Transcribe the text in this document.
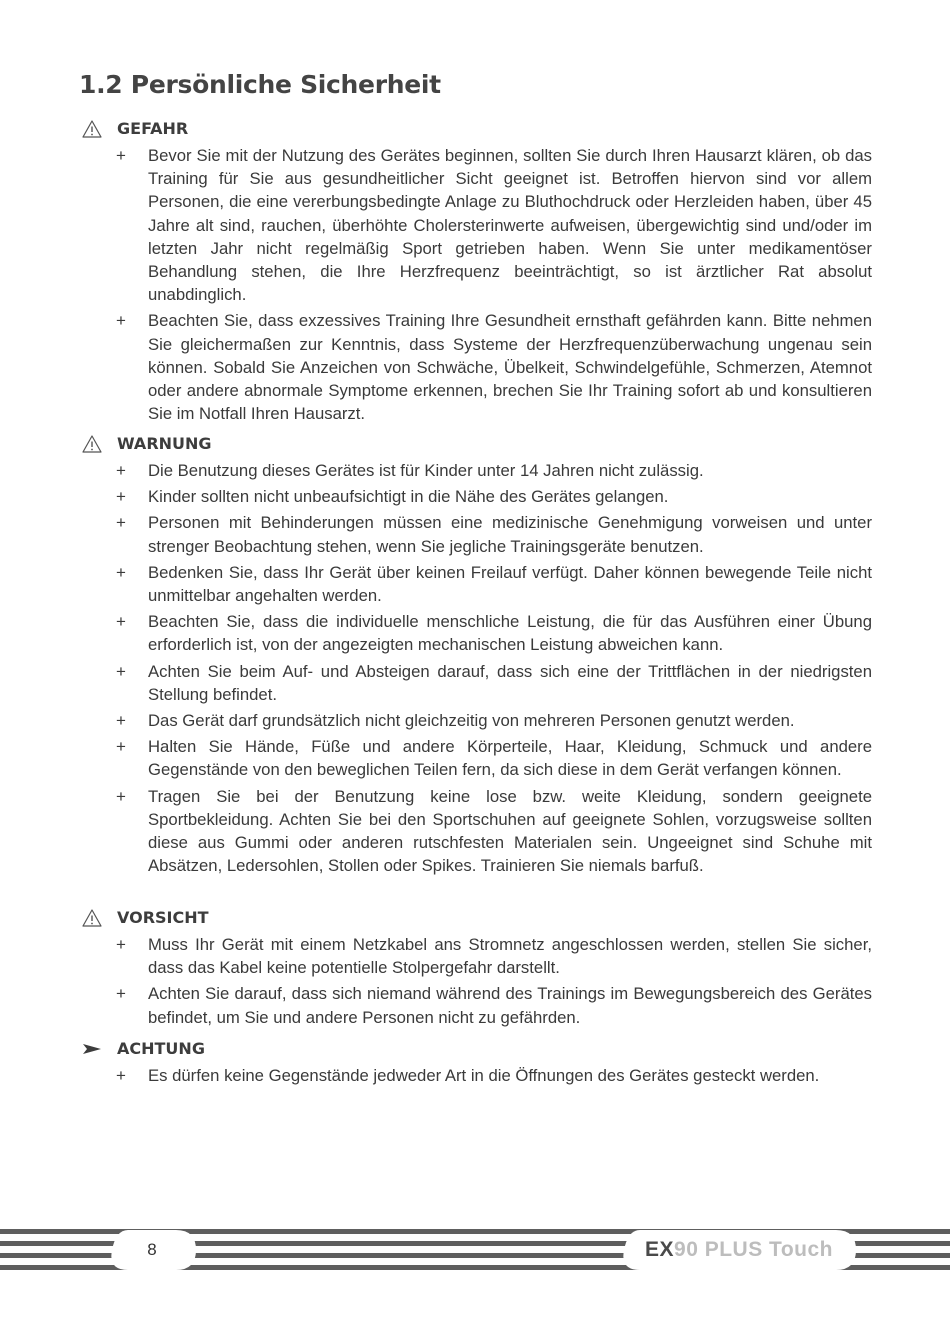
1.2 Persönliche Sicherheit
GEFAHR
+ Bevor Sie mit der Nutzung des Gerätes beginnen, sollten Sie durch Ihren Hausarzt klären, ob das Training für Sie aus gesundheitlicher Sicht geeignet ist. Betroffen hiervon sind vor allem Personen, die eine vererbungsbedingte Anlage zu Bluthochdruck oder Herzleiden haben, über 45 Jahre alt sind, rauchen, überhöhte Cholersterinwerte aufweisen, übergewichtig sind und/oder im letzten Jahr nicht regelmäßig Sport getrieben haben. Wenn Sie unter medikamentöser Behandlung stehen, die Ihre Herzfrequenz beeinträchtigt, so ist ärztlicher Rat absolut unabdinglich.
+ Beachten Sie, dass exzessives Training Ihre Gesundheit ernsthaft gefährden kann. Bitte nehmen Sie gleichermaßen zur Kenntnis, dass Systeme der Herzfrequenzüberwachung ungenau sein können. Sobald Sie Anzeichen von Schwäche, Übelkeit, Schwindelgefühle, Schmerzen, Atemnot oder andere abnormale Symptome erkennen, brechen Sie Ihr Training sofort ab und konsultieren Sie im Notfall Ihren Hausarzt.
WARNUNG
+ Die Benutzung dieses Gerätes ist für Kinder unter 14 Jahren nicht zulässig.
+ Kinder sollten nicht unbeaufsichtigt in die Nähe des Gerätes gelangen.
+ Personen mit Behinderungen müssen eine medizinische Genehmigung vorweisen und unter strenger Beobachtung stehen, wenn Sie jegliche Trainingsgeräte benutzen.
+ Bedenken Sie, dass Ihr Gerät über keinen Freilauf verfügt. Daher können bewegende Teile nicht unmittelbar angehalten werden.
+ Beachten Sie, dass die individuelle menschliche Leistung, die für das Ausführen einer Übung erforderlich ist, von der angezeigten mechanischen Leistung abweichen kann.
+ Achten Sie beim Auf- und Absteigen darauf, dass sich eine der Trittflächen in der niedrigsten Stellung befindet.
+ Das Gerät darf grundsätzlich nicht gleichzeitig von mehreren Personen genutzt werden.
+ Halten Sie Hände, Füße und andere Körperteile, Haar, Kleidung, Schmuck und andere Gegenstände von den beweglichen Teilen fern, da sich diese in dem Gerät verfangen können.
+ Tragen Sie bei der Benutzung keine lose bzw. weite Kleidung, sondern geeignete Sportbekleidung. Achten Sie bei den Sportschuhen auf geeignete Sohlen, vorzugsweise sollten diese aus Gummi oder anderen rutschfesten Materialen sein. Ungeeignet sind Schuhe mit Absätzen, Ledersohlen, Stollen oder Spikes. Trainieren Sie niemals barfuß.
VORSICHT
+ Muss Ihr Gerät mit einem Netzkabel ans Stromnetz angeschlossen werden, stellen Sie sicher, dass das Kabel keine potentielle Stolpergefahr darstellt.
+ Achten Sie darauf, dass sich niemand während des Trainings im Bewegungsbereich des Gerätes befindet, um Sie und andere Personen nicht zu gefährden.
ACHTUNG
+ Es dürfen keine Gegenstände jedweder Art in die Öffnungen des Gerätes gesteckt werden.
8	EX90 PLUS Touch
